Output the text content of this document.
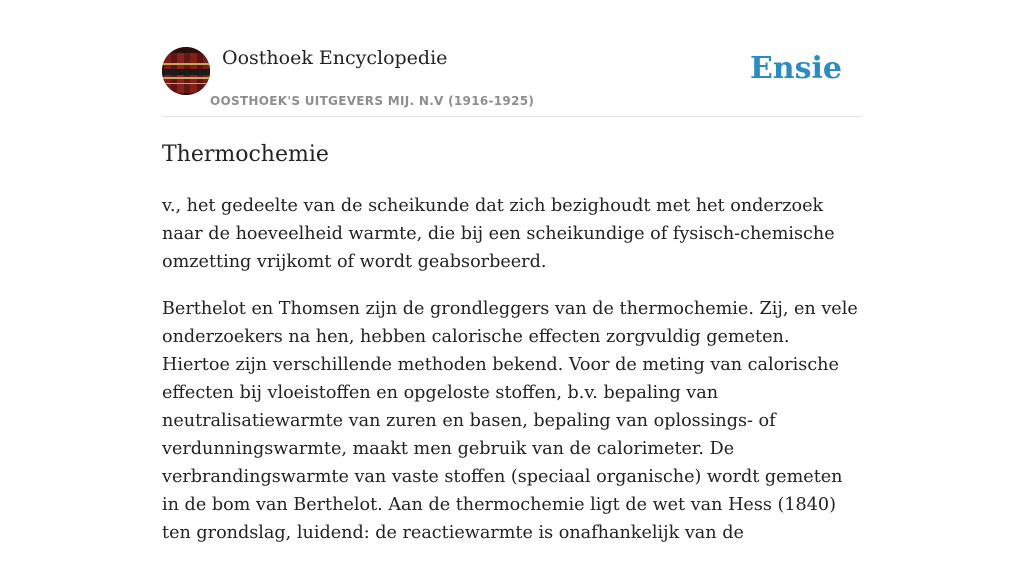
Oosthoek Encyclopedie
OOSTHOEK'S UITGEVERS MIJ. N.V (1916-1925)
Ensie
Thermochemie

v., het gedeelte van de scheikunde dat zich bezighoudt met het onderzoek naar de hoeveelheid warmte, die bij een scheikundige of fysisch-chemische omzetting vrijkomt of wordt geabsorbeerd.

Berthelot en Thomsen zijn de grondleggers van de thermochemie. Zij, en vele onderzoekers na hen, hebben calorische effecten zorgvuldig gemeten. Hiertoe zijn verschillende methoden bekend. Voor de meting van calorische effecten bij vloeistoffen en opgeloste stoffen, b.v. bepaling van neutralisatiewarmte van zuren en basen, bepaling van oplossings- of verdunningswarmte, maakt men gebruik van de calorimeter. De verbrandingswarmte van vaste stoffen (speciaal organische) wordt gemeten in de bom van Berthelot. Aan de thermochemie ligt de wet van Hess (1840) ten grondslag, luidend: de reactiewarmte is onafhankelijk van de
